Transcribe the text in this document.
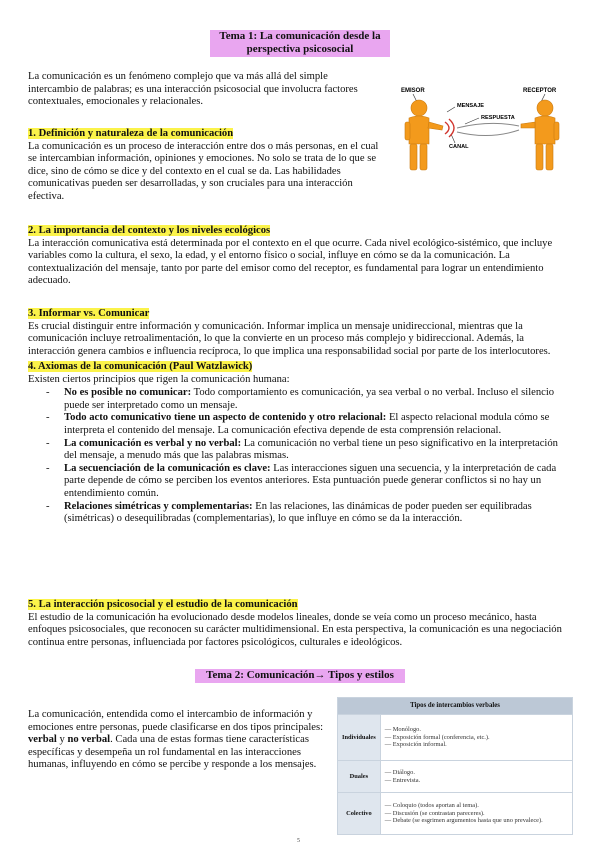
Tema 1: La comunicación desde la
perspectiva psicosocial
La comunicación es un fenómeno complejo que va más allá del simple intercambio de palabras; es una interacción psicosocial que involucra factores contextuales, emocionales y relacionales.
EMISOR
MENSAJE
RECEPTOR
RESPUESTA
CANAL
1. Definición y naturaleza de la comunicación
La comunicación es un proceso de interacción entre dos o más personas, en el cual se intercambian información, opiniones y emociones. No solo se trata de lo que se dice, sino de cómo se dice y del contexto en el cual se da. Las habilidades comunicativas pueden ser desarrolladas, y son cruciales para una interacción efectiva.
2. La importancia del contexto y los niveles ecológicos
La interacción comunicativa está determinada por el contexto en el que ocurre. Cada nivel ecológico-sistémico, que incluye variables como la cultura, el sexo, la edad, y el entorno físico o social, influye en cómo se da la comunicación. La contextualización del mensaje, tanto por parte del emisor como del receptor, es fundamental para lograr un entendimiento adecuado.
3. Informar vs. Comunicar
Es crucial distinguir entre información y comunicación. Informar implica un mensaje unidireccional, mientras que la comunicación incluye retroalimentación, lo que la convierte en un proceso más complejo y bidireccional. Además, la interacción genera cambios e influencia recíproca, lo que implica una responsabilidad social por parte de los interlocutores.
4. Axiomas de la comunicación (Paul Watzlawick)
Existen ciertos principios que rigen la comunicación humana:
- No es posible no comunicar: Todo comportamiento es comunicación, ya sea verbal o no verbal. Incluso el silencio puede ser interpretado como un mensaje.
- Todo acto comunicativo tiene un aspecto de contenido y otro relacional: El aspecto relacional modula cómo se interpreta el contenido del mensaje. La comunicación efectiva depende de esta comprensión relacional.
- La comunicación es verbal y no verbal: La comunicación no verbal tiene un peso significativo en la interpretación del mensaje, a menudo más que las palabras mismas.
- La secuenciación de la comunicación es clave: Las interacciones siguen una secuencia, y la interpretación de cada parte depende de cómo se perciben los eventos anteriores. Esta puntuación puede generar conflictos si no hay un entendimiento común.
- Relaciones simétricas y complementarias: En las relaciones, las dinámicas de poder pueden ser equilibradas (simétricas) o desequilibradas (complementarias), lo que influye en cómo se da la interacción.
5. La interacción psicosocial y el estudio de la comunicación
El estudio de la comunicación ha evolucionado desde modelos lineales, donde se veía como un proceso mecánico, hasta enfoques psicosociales, que reconocen su carácter multidimensional. En esta perspectiva, la comunicación es una negociación continua entre personas, influenciada por factores psicológicos, culturales e ideológicos.
Tema 2: Comunicación→ Tipos y estilos
La comunicación, entendida como el intercambio de información y emociones entre personas, puede clasificarse en dos tipos principales: verbal y no verbal. Cada una de estas formas tiene características específicas y desempeña un rol fundamental en las interacciones humanas, influyendo en cómo se percibe y responde a los mensajes.
Tipos de intercambios verbales	
Individuales	— Monólogo.
— Exposición formal (conferencia, etc.).
— Exposición informal.

Duales	— Diálogo.
— Entrevista.

Colectivo	— Coloquio (todos aportan al tema).
— Discusión (se contrastan pareceres).
— Debate (se esgrimen argumentos hasta que uno prevalece).
5
